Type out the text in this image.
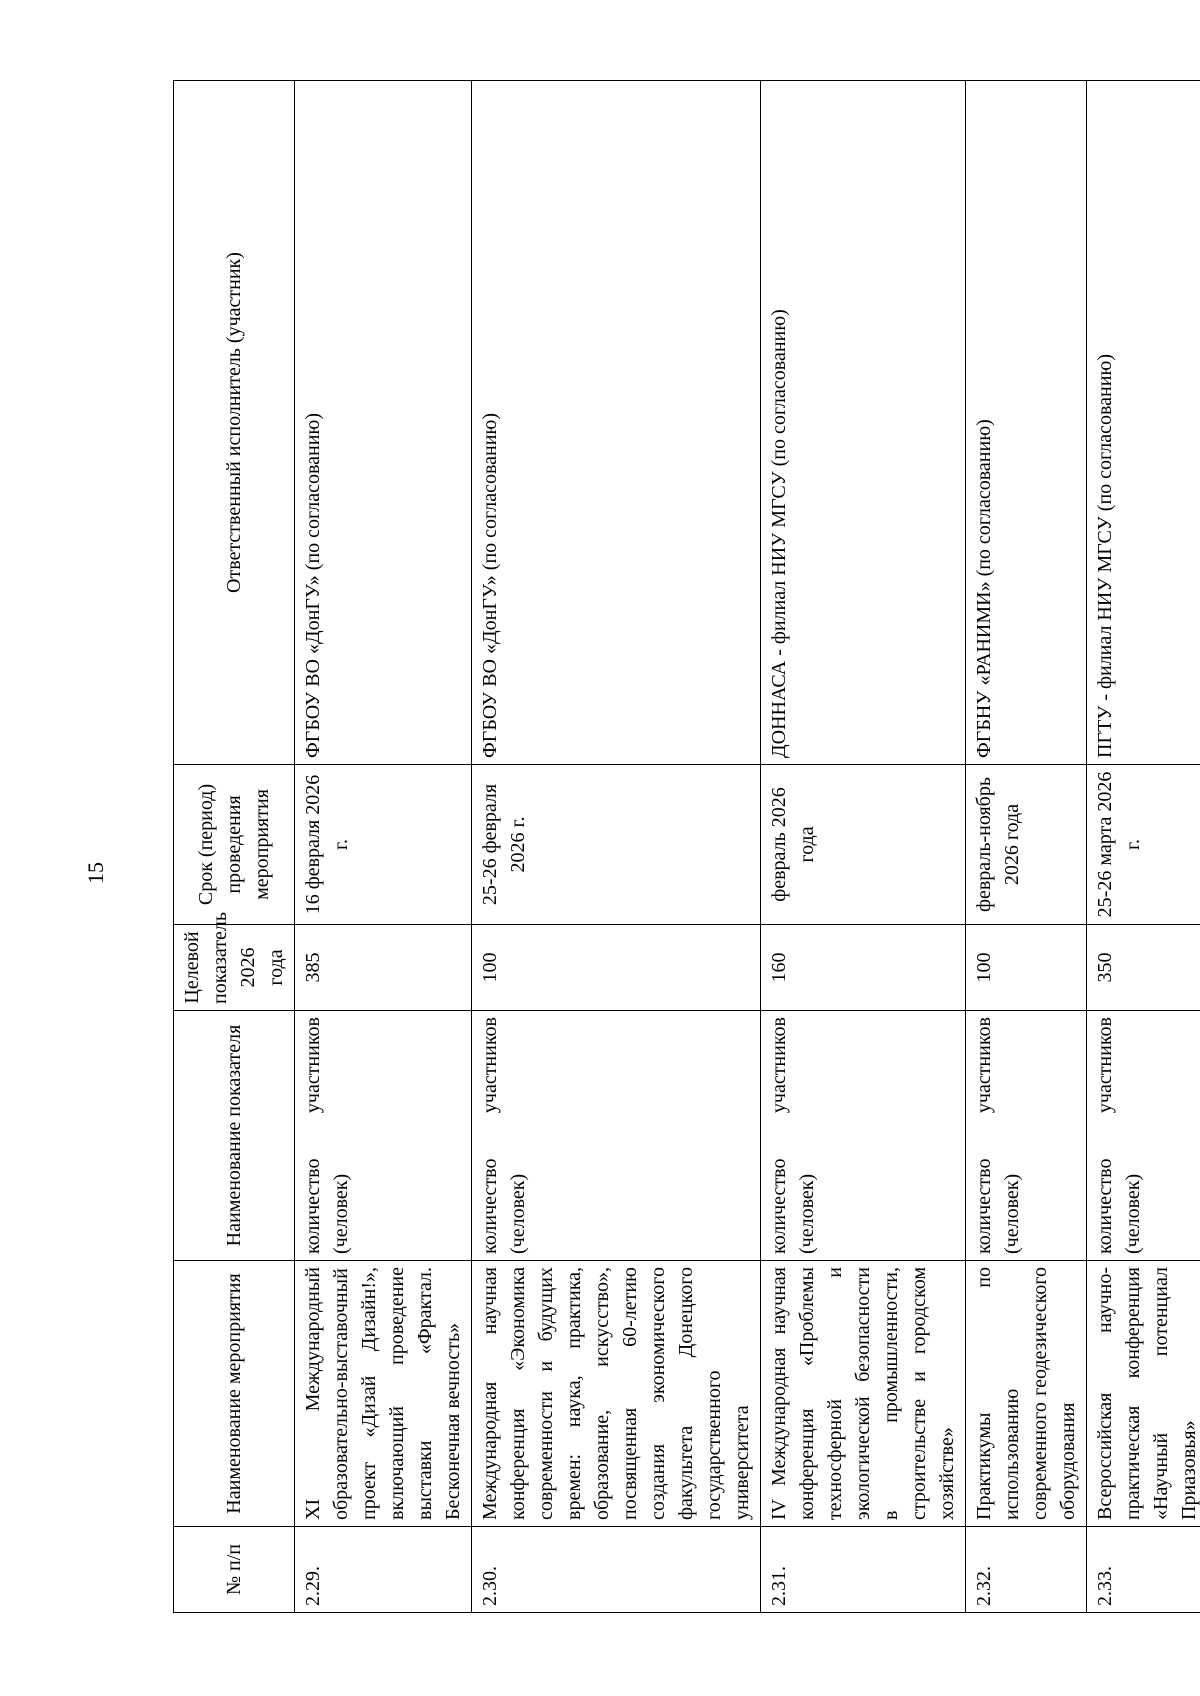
15
№ п/п	Наименование мероприятия	Наименование показателя	Целевой показатель 2026 года	Срок (период) проведения мероприятия	Ответственный исполнитель (участник)
2.29.	XI Международный образовательно-выставочный проект «Дизай Дизайн!», включающий проведение выставки «Фрактал. Бесконечная вечность»	количество участников (человек)	385	16 февраля 2026 г.	ФГБОУ ВО «ДонГУ» (по согласованию)
2.30.	Международная научная конференция «Экономика современности и будущих времен: наука, практика, образование, искусство», посвященная 60-летию создания экономического факультета Донецкого государственного университета	количество участников (человек)	100	25-26 февраля 2026 г.	ФГБОУ ВО «ДонГУ» (по согласованию)
2.31.	IV Международная научная конференция «Проблемы техносферной и экологической безопасности в промышленности, строительстве и городском хозяйстве»	количество участников (человек)	160	февраль 2026 года	ДОННАСА - филиал НИУ МГСУ (по согласованию)
2.32.	Практикумы по использованию современного геодезического оборудования	количество участников (человек)	100	февраль-ноябрь 2026 года	ФГБНУ «РАНИМИ» (по согласованию)
2.33.	Всероссийская научно-практическая конференция «Научный потенциал Приазовья»	количество участников (человек)	350	25-26 марта 2026 г.	ПГТУ - филиал НИУ МГСУ (по согласованию)
